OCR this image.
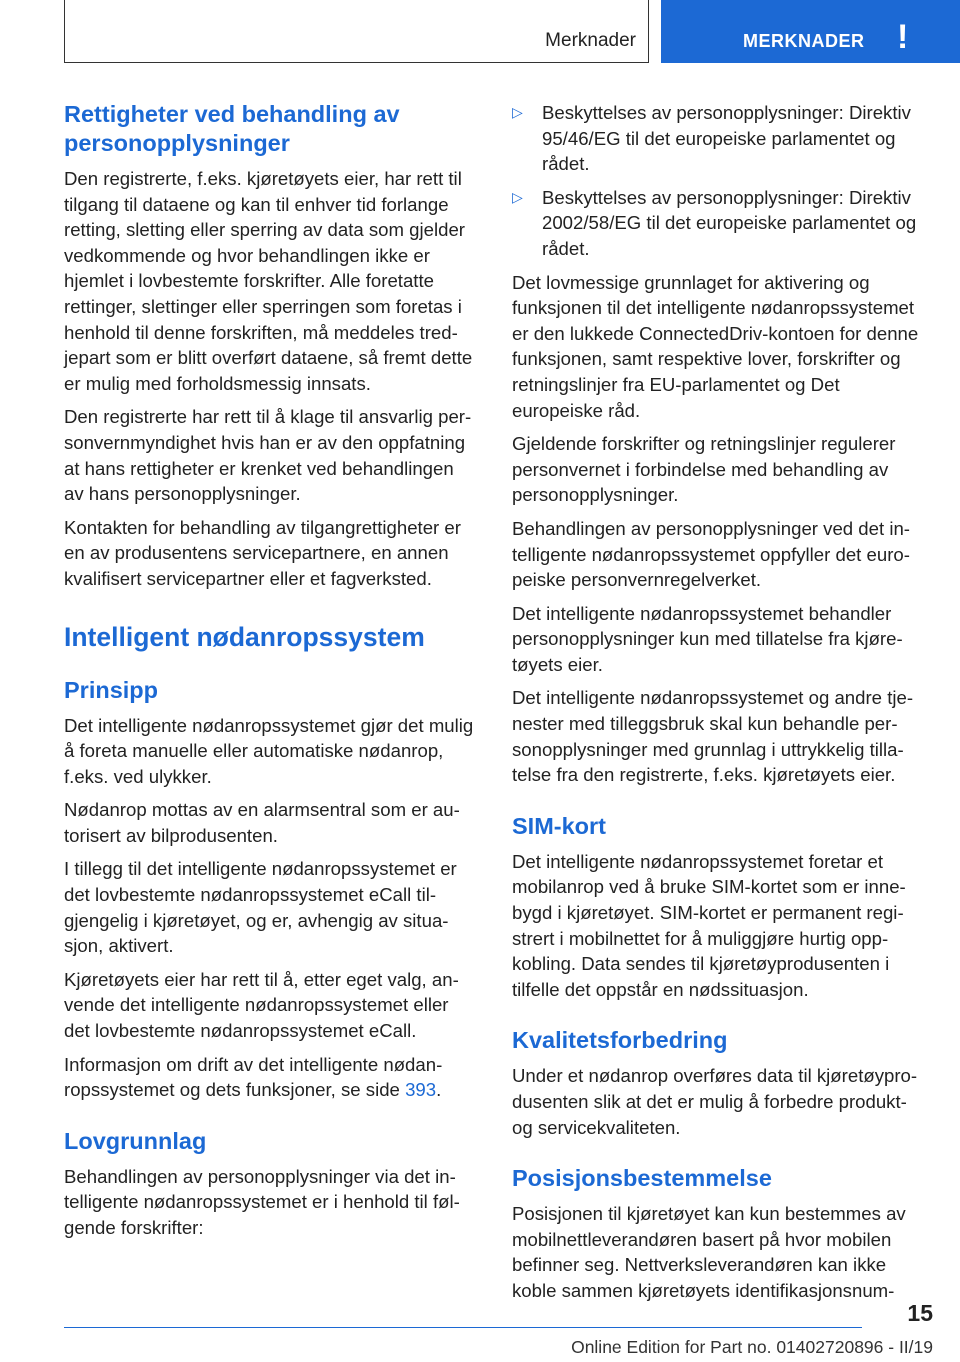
Merknader	MERKNADER !
Rettigheter ved behandling av personopplysninger

Den registrerte, f.eks. kjøretøyets eier, har rett til tilgang til dataene og kan til enhver tid forlange retting, sletting eller sperring av data som gjelder vedkommende og hvor behandlingen ikke er hjemlet i lovbestemte forskrifter. Alle foretatte rettinger, slettinger eller sperringen som foretas i henhold til denne forskriften, må meddeles tredjepart som er blitt overført dataene, så fremt dette er mulig med forholdsmessig innsats.

Den registrerte har rett til å klage til ansvarlig personvernmyndighet hvis han er av den oppfatning at hans rettigheter er krenket ved behandlingen av hans personopplysninger.

Kontakten for behandling av tilgangrettigheter er en av produsentens servicepartnere, en annen kvalifisert servicepartner eller et fagverksted.

Intelligent nødanropssystem
Prinsipp

Det intelligente nødanropssystemet gjør det mulig å foreta manuelle eller automatiske nødanrop, f.eks. ved ulykker.

Nødanrop mottas av en alarmsentral som er autorisert av bilprodusenten.

I tillegg til det intelligente nødanropssystemet er det lovbestemte nødanropssystemet eCall tilgjengelig i kjøretøyet, og er, avhengig av situasjon, aktivert.

Kjøretøyets eier har rett til å, etter eget valg, anvende det intelligente nødanropssystemet eller det lovbestemte nødanropssystemet eCall.

Informasjon om drift av det intelligente nødanropssystemet og dets funksjoner, se side 393.

Lovgrunnlag

Behandlingen av personopplysninger via det intelligente nødanropssystemet er i henhold til følgende forskrifter:

▷ Beskyttelses av personopplysninger: Direktiv 95/46/EG til det europeiske parlamentet og rådet.
▷ Beskyttelses av personopplysninger: Direktiv 2002/58/EG til det europeiske parlamentet og rådet.

Det lovmessige grunnlaget for aktivering og funksjonen til det intelligente nødanropssystemet er den lukkede ConnectedDriv-kontoen for denne funksjonen, samt respektive lover, forskrifter og retningslinjer fra EU-parlamentet og Det europeiske råd.

Gjeldende forskrifter og retningslinjer regulerer personvernet i forbindelse med behandling av personopplysninger.

Behandlingen av personopplysninger ved det intelligente nødanropssystemet oppfyller det europeiske personvernregelverket.

Det intelligente nødanropssystemet behandler personopplysninger kun med tillatelse fra kjøretøyets eier.

Det intelligente nødanropssystemet og andre tjenester med tilleggsbruk skal kun behandle personopplysninger med grunnlag i uttrykkelig tillatelse fra den registrerte, f.eks. kjøretøyets eier.

SIM-kort

Det intelligente nødanropssystemet foretar et mobilanrop ved å bruke SIM-kortet som er innebygd i kjøretøyet. SIM-kortet er permanent registrert i mobilnettet for å muliggjøre hurtig oppkobling. Data sendes til kjøretøyprodusenten i tilfelle det oppstår en nødssituasjon.

Kvalitetsforbedring

Under et nødanrop overføres data til kjøretøyprodusenten slik at det er mulig å forbedre produkt- og servicekvaliteten.

Posisjonsbestemmelse

Posisjonen til kjøretøyet kan kun bestemmes av mobilnettleverandøren basert på hvor mobilen befinner seg. Nettverksleverandøren kan ikke koble sammen kjøretøyets identifikasjonsnum-

15
Online Edition for Part no. 01402720896 - II/19
